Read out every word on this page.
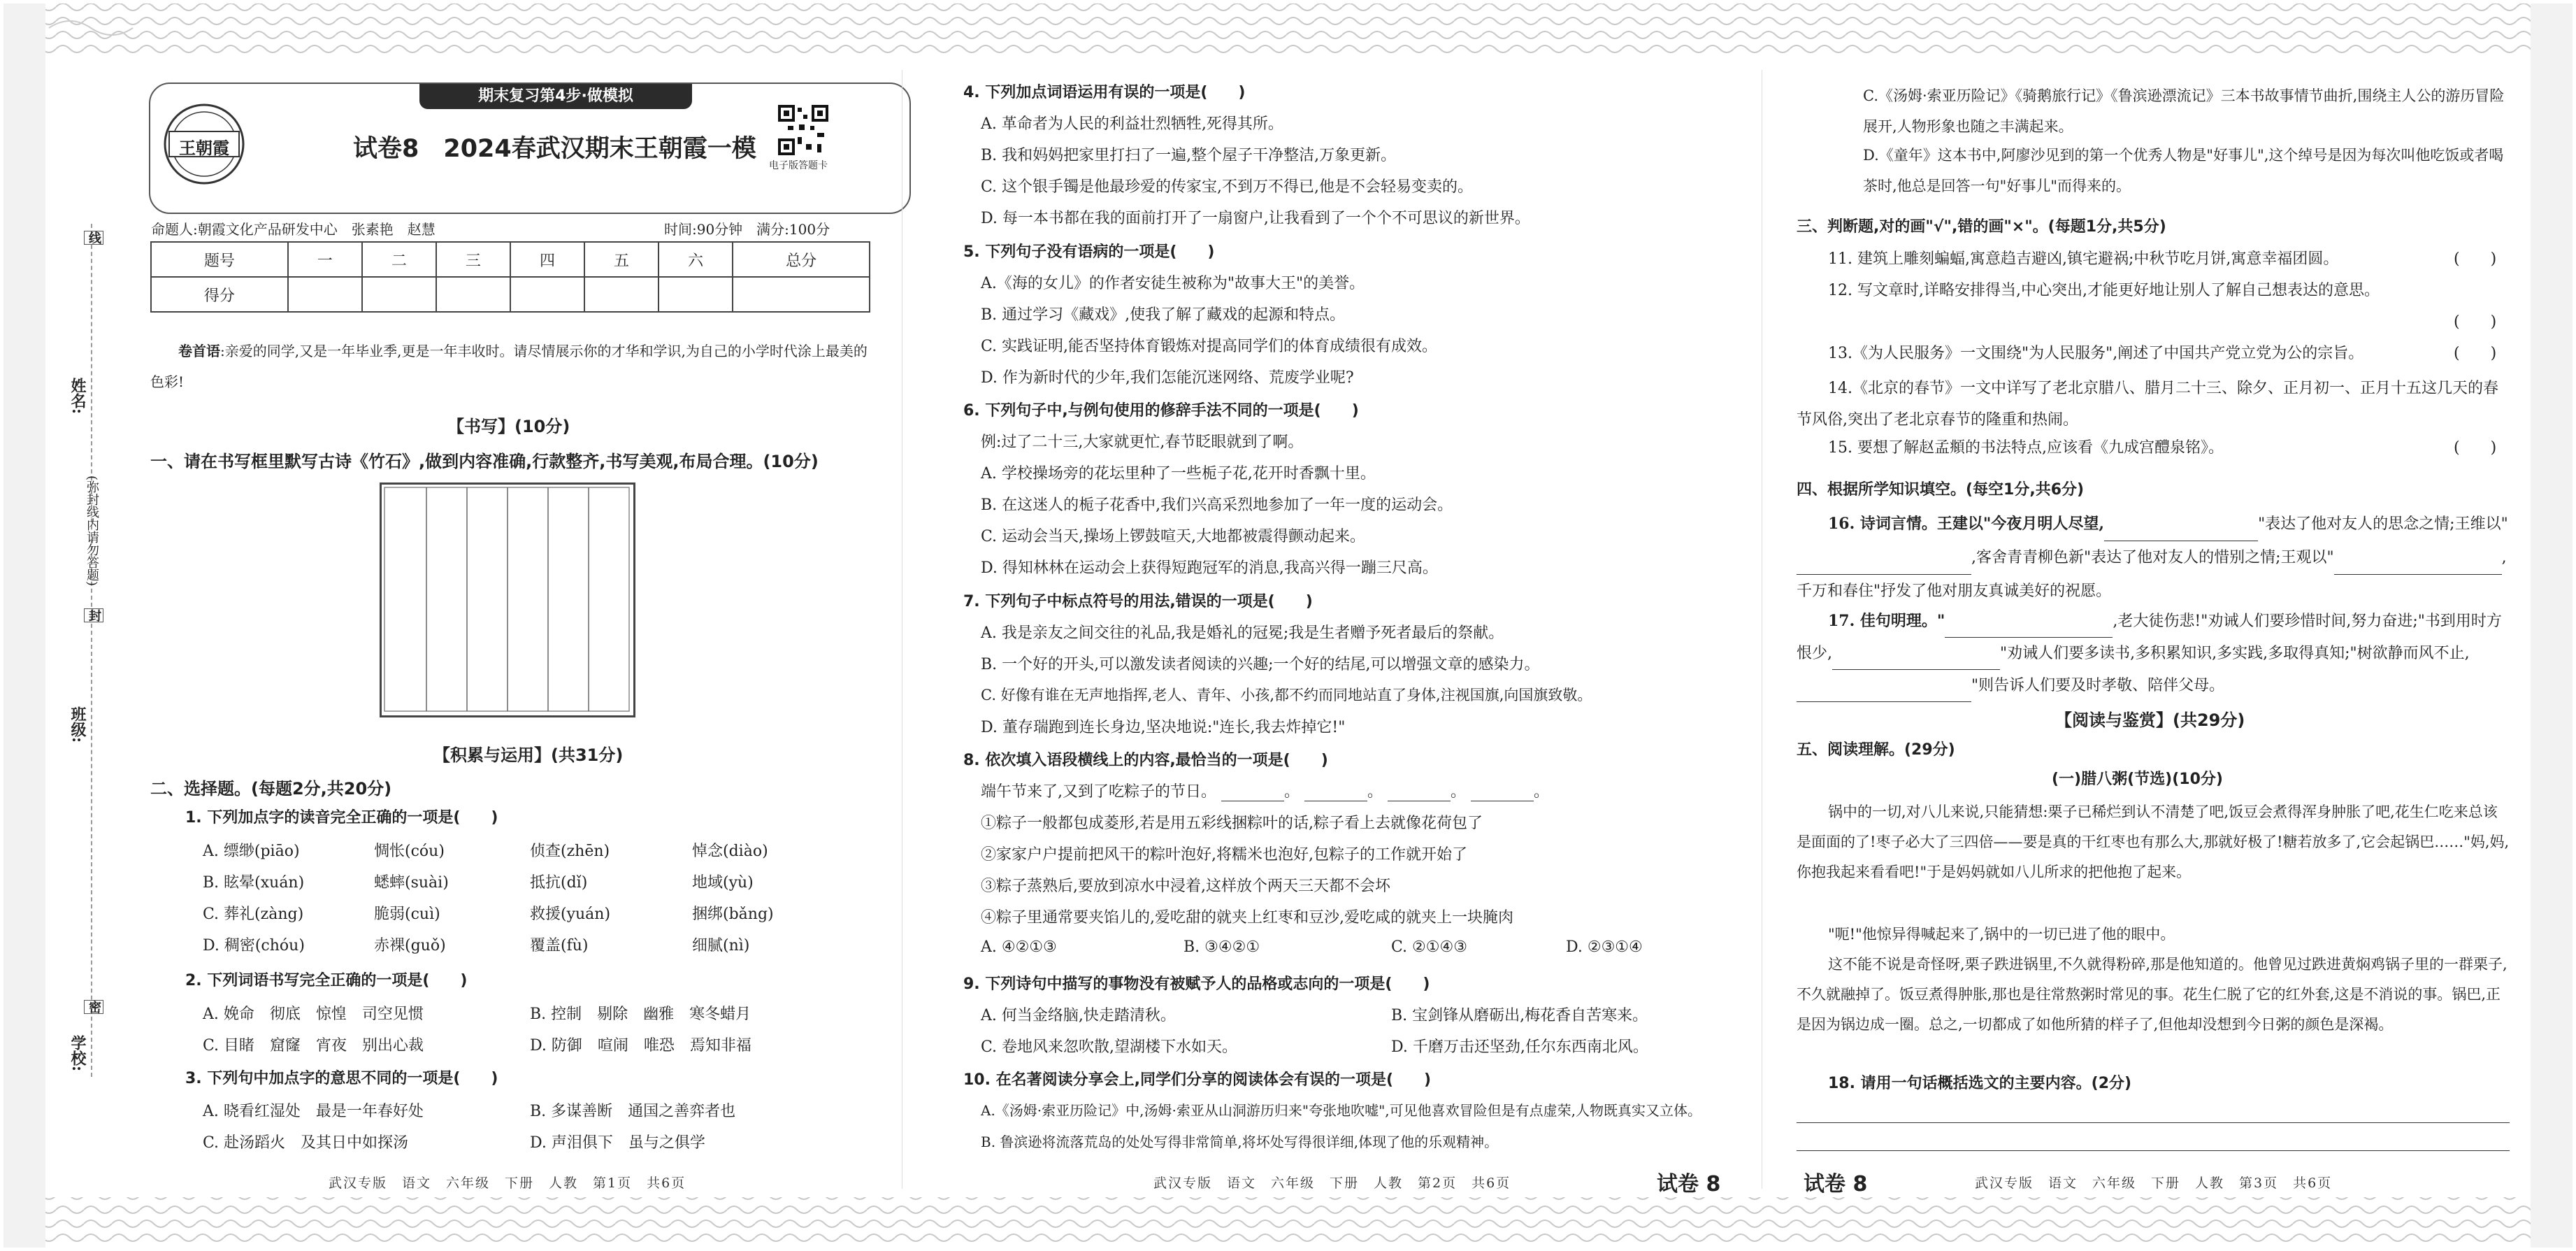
姓名:
班级:
学校:
(弥封线内请勿答题)
线
封
密
王朝霞
期末复习第4步·做模拟
试卷8　2024春武汉期末王朝霞一模
电子版答题卡
命题人:朝霞文化产品研发中心　张素艳　赵慧	时间:90分钟　满分:100分
题号	一	二	三	四	五	六	总分
得分							
卷首语:亲爱的同学,又是一年毕业季,更是一年丰收时。请尽情展示你的才华和学识,为自己的小学时代涂上最美的色彩!
【书写】(10分)
一、请在书写框里默写古诗《竹石》,做到内容准确,行款整齐,书写美观,布局合理。(10分)
【积累与运用】(共31分)
二、选择题。(每题2分,共20分)
1. 下列加点字的读音完全正确的一项是(　　)
A. 缥缈(piāo)	惆怅(cóu)	侦查(zhēn)	悼念(diào)
B. 眩晕(xuán)	蟋蟀(suài)	抵抗(dǐ)	地域(yù)
C. 葬礼(zàng)	脆弱(cuì)	救援(yuán)	捆绑(bǎng)
D. 稠密(chóu)	赤裸(guǒ)	覆盖(fù)	细腻(nì)
2. 下列词语书写完全正确的一项是(　　)
A. 娩命　彻底　惊惶　司空见惯	B. 控制　剔除　幽雅　寒冬蜡月
C. 目睹　窟窿　宵夜　别出心裁	D. 防御　喧闹　唯恐　焉知非福
3. 下列句中加点字的意思不同的一项是(　　)
A. 晓看红湿处　最是一年春好处	B. 多谋善断　通国之善弈者也
C. 赴汤蹈火　及其日中如探汤	D. 声泪俱下　虽与之俱学
武汉专版　语文　六年级　下册　人教　第1页　共6页
4. 下列加点词语运用有误的一项是(　　)
A. 革命者为人民的利益壮烈牺牲,死得其所。
B. 我和妈妈把家里打扫了一遍,整个屋子干净整洁,万象更新。
C. 这个银手镯是他最珍爱的传家宝,不到万不得已,他是不会轻易变卖的。
D. 每一本书都在我的面前打开了一扇窗户,让我看到了一个个不可思议的新世界。
5. 下列句子没有语病的一项是(　　)
A.《海的女儿》的作者安徒生被称为"故事大王"的美誉。
B. 通过学习《藏戏》,使我了解了藏戏的起源和特点。
C. 实践证明,能否坚持体育锻炼对提高同学们的体育成绩很有成效。
D. 作为新时代的少年,我们怎能沉迷网络、荒废学业呢?
6. 下列句子中,与例句使用的修辞手法不同的一项是(　　)
例:过了二十三,大家就更忙,春节眨眼就到了啊。
A. 学校操场旁的花坛里种了一些栀子花,花开时香飘十里。
B. 在这迷人的栀子花香中,我们兴高采烈地参加了一年一度的运动会。
C. 运动会当天,操场上锣鼓喧天,大地都被震得颤动起来。
D. 得知林林在运动会上获得短跑冠军的消息,我高兴得一蹦三尺高。
7. 下列句子中标点符号的用法,错误的一项是(　　)
A. 我是亲友之间交往的礼品,我是婚礼的冠冕;我是生者赠予死者最后的祭献。
B. 一个好的开头,可以激发读者阅读的兴趣;一个好的结尾,可以增强文章的感染力。
C. 好像有谁在无声地指挥,老人、青年、小孩,都不约而同地站直了身体,注视国旗,向国旗致敬。
D. 董存瑞跑到连长身边,坚决地说:"连长,我去炸掉它!"
8. 依次填入语段横线上的内容,最恰当的一项是(　　)
端午节来了,又到了吃粽子的节日。	。	。	。	。
①粽子一般都包成菱形,若是用五彩线捆粽叶的话,粽子看上去就像花荷包了
②家家户户提前把风干的粽叶泡好,将糯米也泡好,包粽子的工作就开始了
③粽子蒸熟后,要放到凉水中浸着,这样放个两天三天都不会坏
④粽子里通常要夹馅儿的,爱吃甜的就夹上红枣和豆沙,爱吃咸的就夹上一块腌肉
A. ④②①③	B. ③④②①	C. ②①④③	D. ②③①④
9. 下列诗句中描写的事物没有被赋予人的品格或志向的一项是(　　)
A. 何当金络脑,快走踏清秋。	B. 宝剑锋从磨砺出,梅花香自苦寒来。
C. 卷地风来忽吹散,望湖楼下水如天。	D. 千磨万击还坚劲,任尔东西南北风。
10. 在名著阅读分享会上,同学们分享的阅读体会有误的一项是(　　)
A.《汤姆·索亚历险记》中,汤姆·索亚从山洞游历归来"夸张地吹嘘",可见他喜欢冒险但是有点虚荣,人物既真实又立体。
B. 鲁滨逊将流落荒岛的处处写得非常简单,将坏处写得很详细,体现了他的乐观精神。
武汉专版　语文　六年级　下册　人教　第2页　共6页	试卷 8
C.《汤姆·索亚历险记》《骑鹅旅行记》《鲁滨逊漂流记》三本书故事情节曲折,围绕主人公的游历冒险展开,人物形象也随之丰满起来。
D.《童年》这本书中,阿廖沙见到的第一个优秀人物是"好事儿",这个绰号是因为每次叫他吃饭或者喝茶时,他总是回答一句"好事儿"而得来的。
三、判断题,对的画"√",错的画"×"。(每题1分,共5分)
11. 建筑上雕刻蝙蝠,寓意趋吉避凶,镇宅避祸;中秋节吃月饼,寓意幸福团圆。	(　　)
12. 写文章时,详略安排得当,中心突出,才能更好地让别人了解自己想表达的意思。
(　　)
13.《为人民服务》一文围绕"为人民服务",阐述了中国共产党立党为公的宗旨。	(　　)
14.《北京的春节》一文中详写了老北京腊八、腊月二十三、除夕、正月初一、正月十五这几天的春节风俗,突出了老北京春节的隆重和热闹。
15. 要想了解赵孟頫的书法特点,应该看《九成宫醴泉铭》。	(　　)
四、根据所学知识填空。(每空1分,共6分)
16. 诗词言情。王建以"今夜月明人尽望,	"表达了他对友人的思念之情;王维以",客舍青青柳色新"表达了他对友人的惜别之情;王观以"	,千万和春住"抒发了他对朋友真诚美好的祝愿。
17. 佳句明理。"	,老大徒伤悲!"劝诫人们要珍惜时间,努力奋进;"书到用时方恨少,	"劝诫人们要多读书,多积累知识,多实践,多取得真知;"树欲静而风不止,"则告诉人们要及时孝敬、陪伴父母。
【阅读与鉴赏】(共29分)
五、阅读理解。(29分)
(一)腊八粥(节选)(10分)
锅中的一切,对八儿来说,只能猜想:栗子已稀烂到认不清楚了吧,饭豆会煮得浑身肿胀了吧,花生仁吃来总该是面面的了!枣子必大了三四倍——要是真的干红枣也有那么大,那就好极了!糖若放多了,它会起锅巴……"妈,妈,你抱我起来看看吧!"于是妈妈就如八儿所求的把他抱了起来。
"呃!"他惊异得喊起来了,锅中的一切已进了他的眼中。
这不能不说是奇怪呀,栗子跌进锅里,不久就得粉碎,那是他知道的。他曾见过跌进黄焖鸡锅子里的一群栗子,不久就融掉了。饭豆煮得肿胀,那也是往常熬粥时常见的事。花生仁脱了它的红外套,这是不消说的事。锅巴,正是因为锅边成一圈。总之,一切都成了如他所猜的样子了,但他却没想到今日粥的颜色是深褐。
18. 请用一句话概括选文的主要内容。(2分)
试卷 8	武汉专版　语文　六年级　下册　人教　第3页　共6页
